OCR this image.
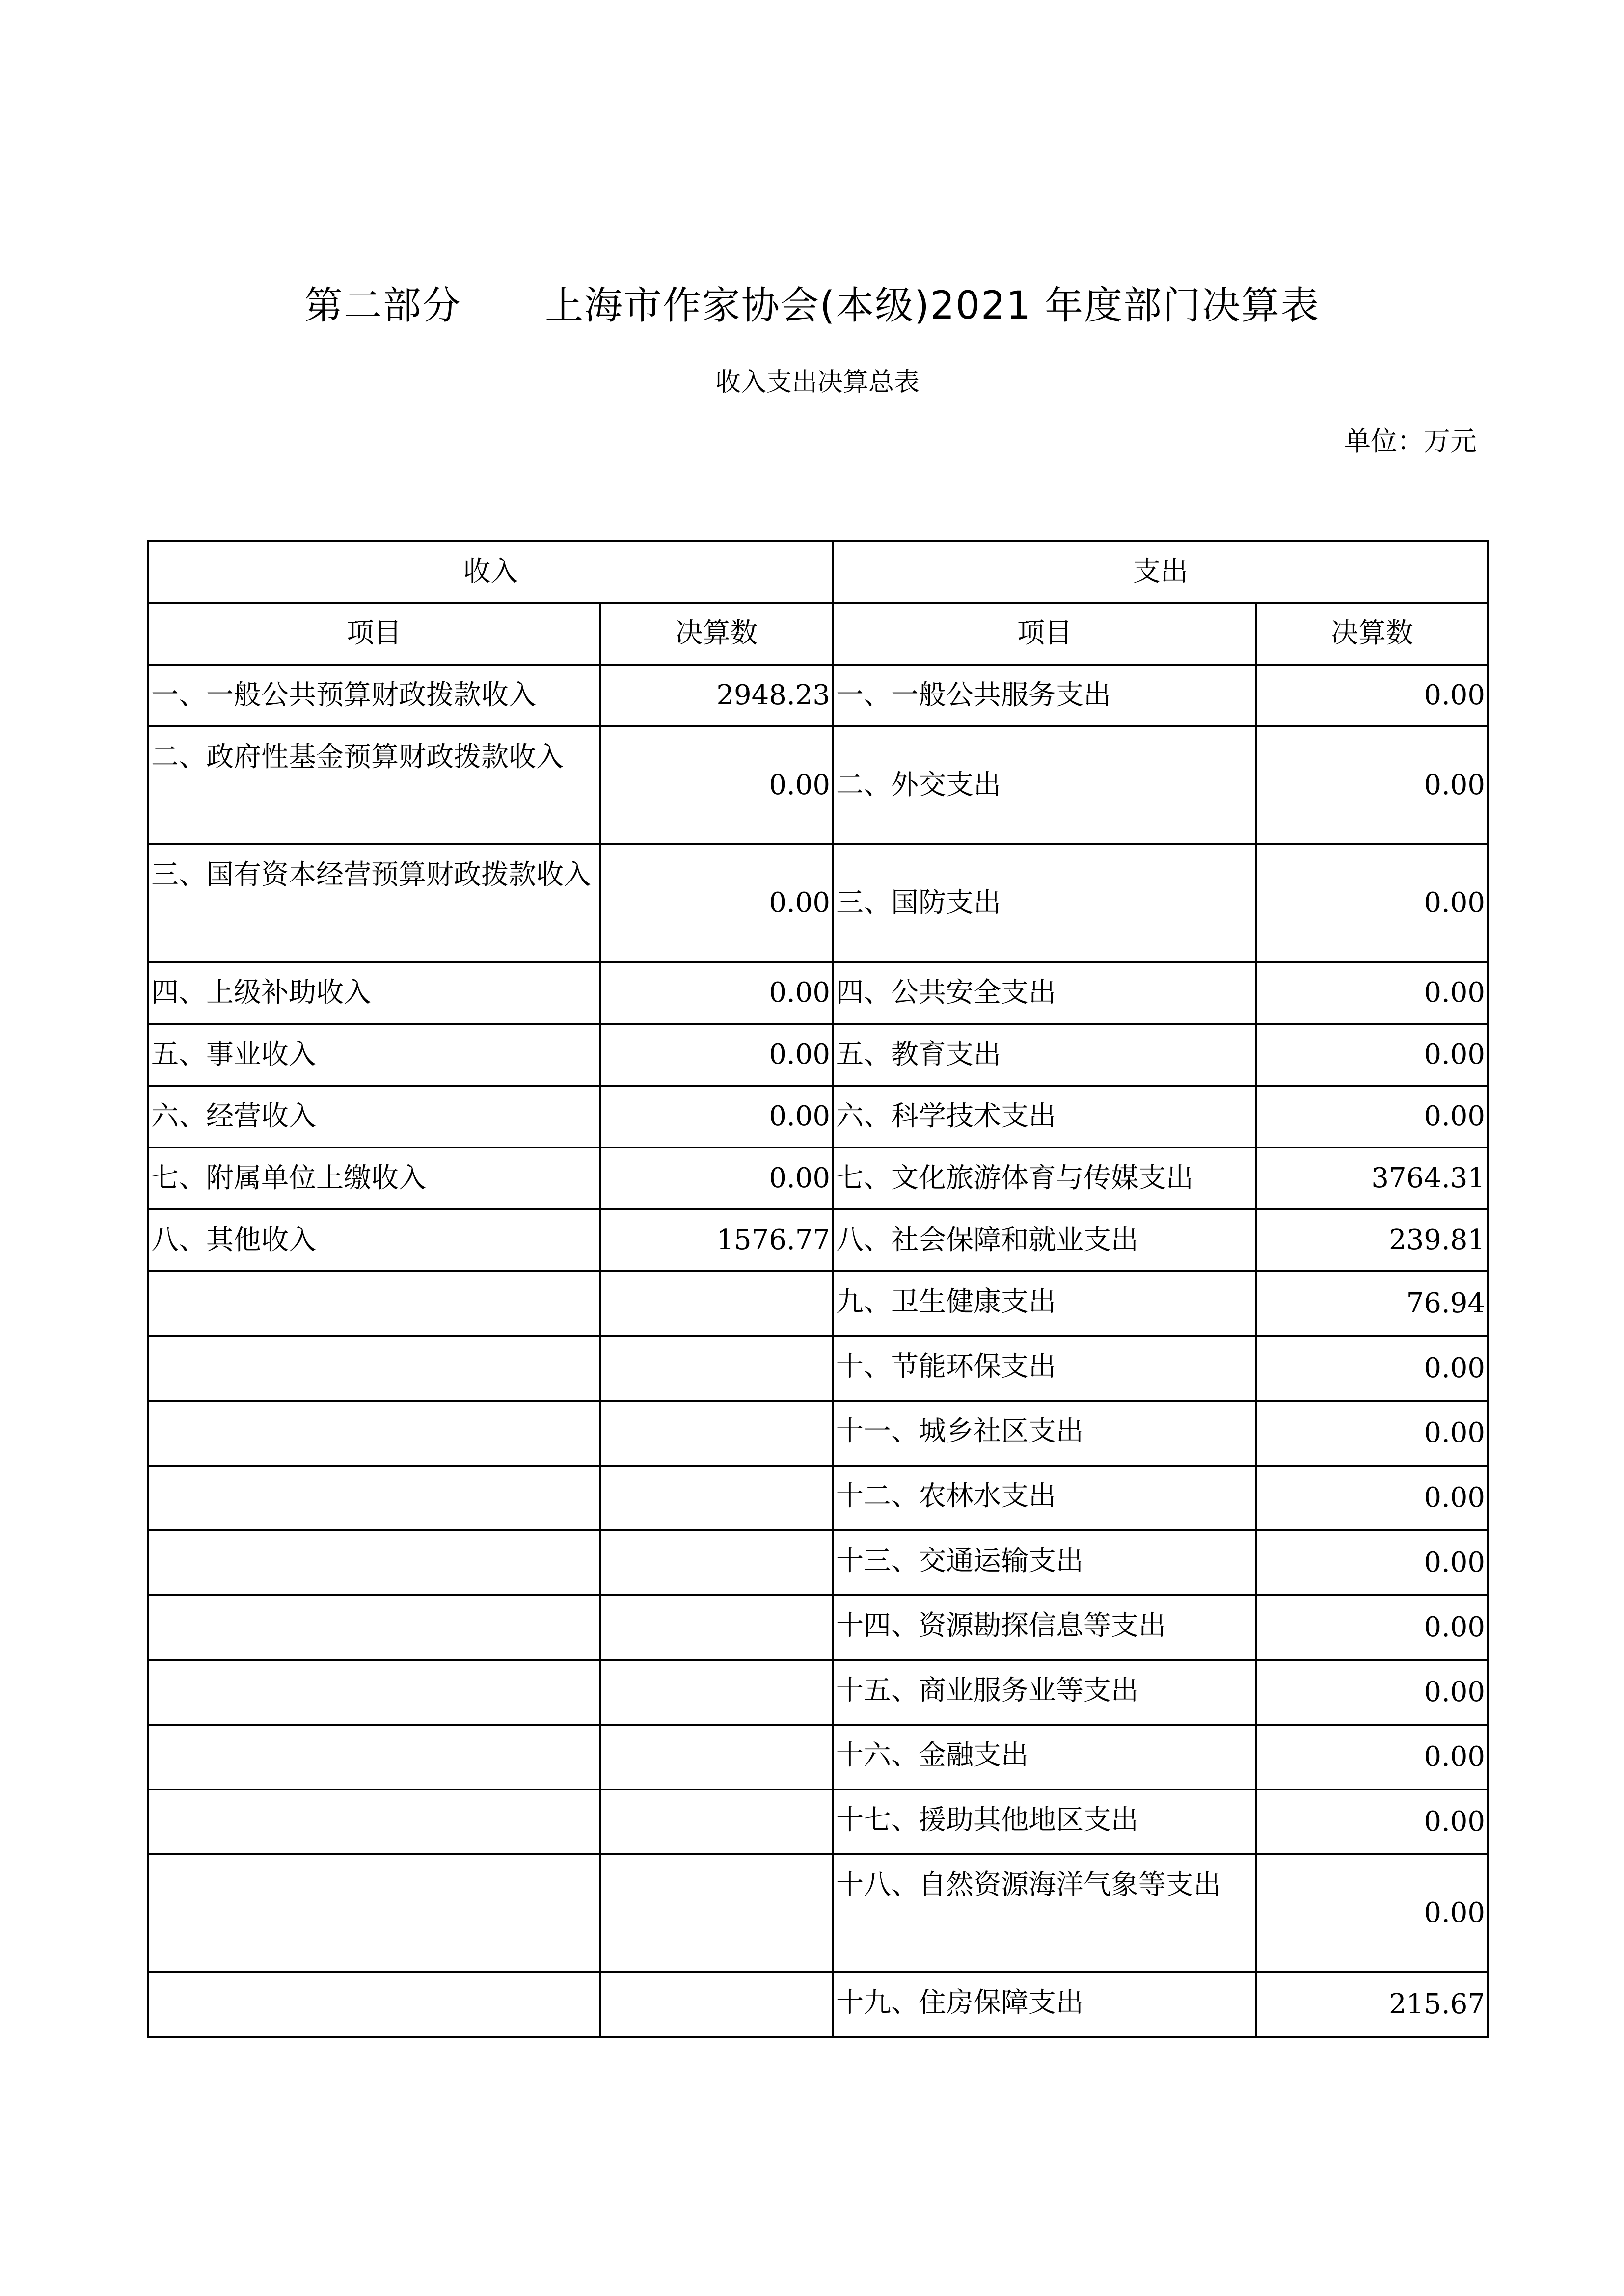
第二部分 上海市作家协会(本级)2021 年度部门决算表
收入支出决算总表
单位：万元
收入		支出	
项目	决算数	项目	决算数
一、一般公共预算财政拨款收入	2948.23	一、一般公共服务支出	0.00
二、政府性基金预算财政拨款收入	0.00	二、外交支出	0.00
三、国有资本经营预算财政拨款收入	0.00	三、国防支出	0.00
四、上级补助收入	0.00	四、公共安全支出	0.00
五、事业收入	0.00	五、教育支出	0.00
六、经营收入	0.00	六、科学技术支出	0.00
七、附属单位上缴收入	0.00	七、文化旅游体育与传媒支出	3764.31
八、其他收入	1576.77	八、社会保障和就业支出	239.81
		九、卫生健康支出	76.94
		十、节能环保支出	0.00
		十一、城乡社区支出	0.00
		十二、农林水支出	0.00
		十三、交通运输支出	0.00
		十四、资源勘探信息等支出	0.00
		十五、商业服务业等支出	0.00
		十六、金融支出	0.00
		十七、援助其他地区支出	0.00
		十八、自然资源海洋气象等支出	0.00
		十九、住房保障支出	215.67
